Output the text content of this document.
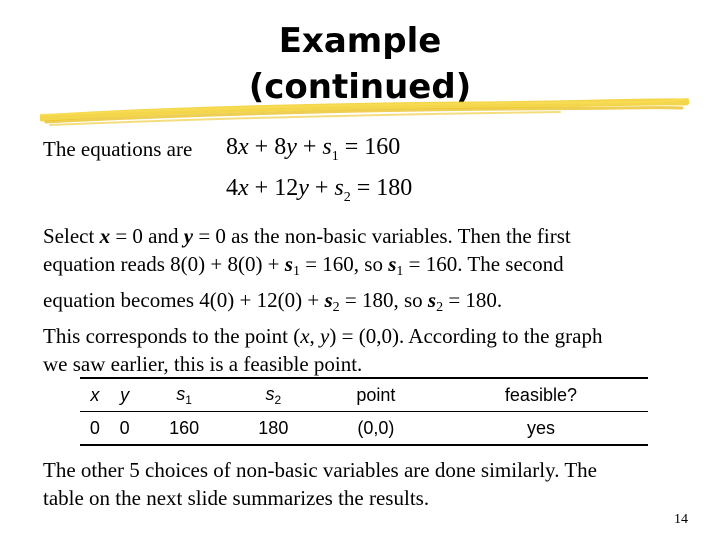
Example
(continued)
The equations are $8x + 8y + s_1 = 160$
$4x + 12y + s_2 = 180$
Select x = 0 and y = 0 as the non-basic variables. Then the first
equation reads $8(0) + 8(0) + s_1 = 160$, so $s_1 = 160$. The second
equation becomes $4(0) + 12(0) + s_2 = 180$, so $s_2 = 180$.
This corresponds to the point (x, y) = (0,0). According to the graph
we saw earlier, this is a feasible point.
x	y	$s_1$	$s_2$	point	feasible?
0	0	160	180	(0,0)	yes
The other 5 choices of non-basic variables are done similarly. The
table on the next slide summarizes the results.
14
